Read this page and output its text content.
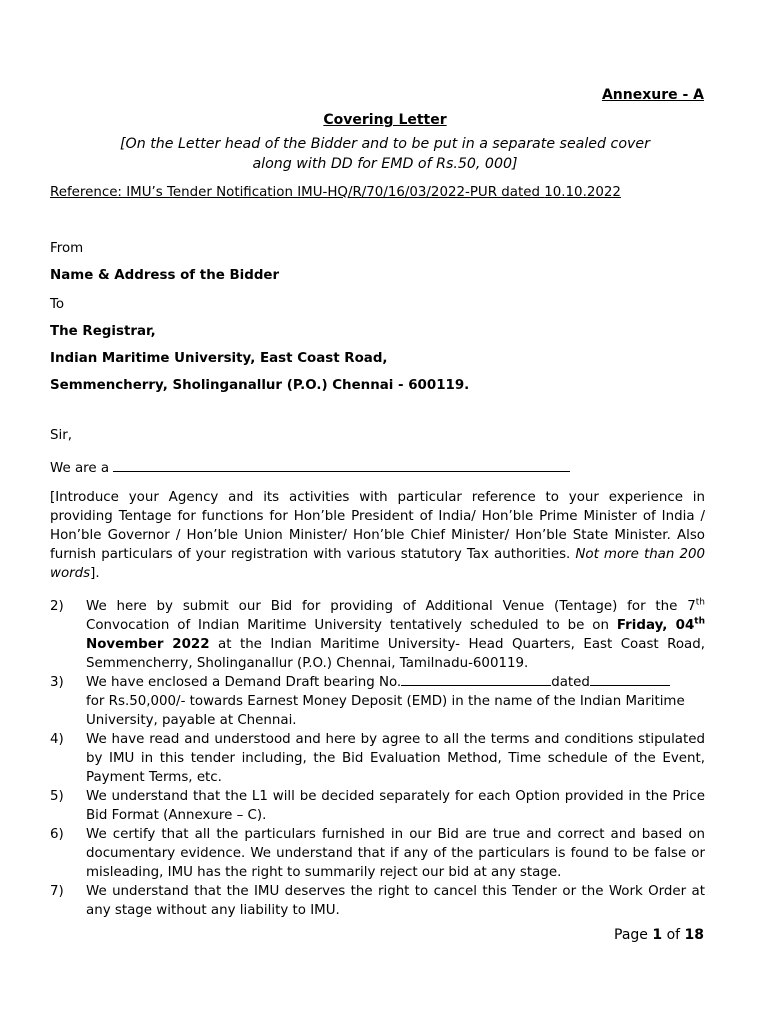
Annexure - A
Covering Letter
[On the Letter head of the Bidder and to be put in a separate sealed cover
along with DD for EMD of Rs.50, 000]
Reference: IMU’s Tender Notification IMU-HQ/R/70/16/03/2022-PUR dated 10.10.2022
From
Name & Address of the Bidder
To
The Registrar,
Indian Maritime University, East Coast Road,
Semmencherry, Sholinganallur (P.O.) Chennai - 600119.
Sir,
We are a
[Introduce your Agency and its activities with particular reference to your experience in providing Tentage for functions for Hon’ble President of India/ Hon’ble Prime Minister of India / Hon’ble Governor / Hon’ble Union Minister/ Hon’ble Chief Minister/ Hon’ble State Minister. Also furnish particulars of your registration with various statutory Tax authorities. Not more than 200 words].
2) We here by submit our Bid for providing of Additional Venue (Tentage) for the 7th Convocation of Indian Maritime University tentatively scheduled to be on Friday, 04th November 2022 at the Indian Maritime University- Head Quarters, East Coast Road, Semmencherry, Sholinganallur (P.O.) Chennai, Tamilnadu-600119.
3) We have enclosed a Demand Draft bearing No.	dated
for Rs.50,000/- towards Earnest Money Deposit (EMD) in the name of the Indian Maritime University, payable at Chennai.
4) We have read and understood and here by agree to all the terms and conditions stipulated by IMU in this tender including, the Bid Evaluation Method, Time schedule of the Event, Payment Terms, etc.
5) We understand that the L1 will be decided separately for each Option provided in the Price Bid Format (Annexure – C).
6) We certify that all the particulars furnished in our Bid are true and correct and based on documentary evidence. We understand that if any of the particulars is found to be false or misleading, IMU has the right to summarily reject our bid at any stage.
7) We understand that the IMU deserves the right to cancel this Tender or the Work Order at any stage without any liability to IMU.
Page 1 of 18
